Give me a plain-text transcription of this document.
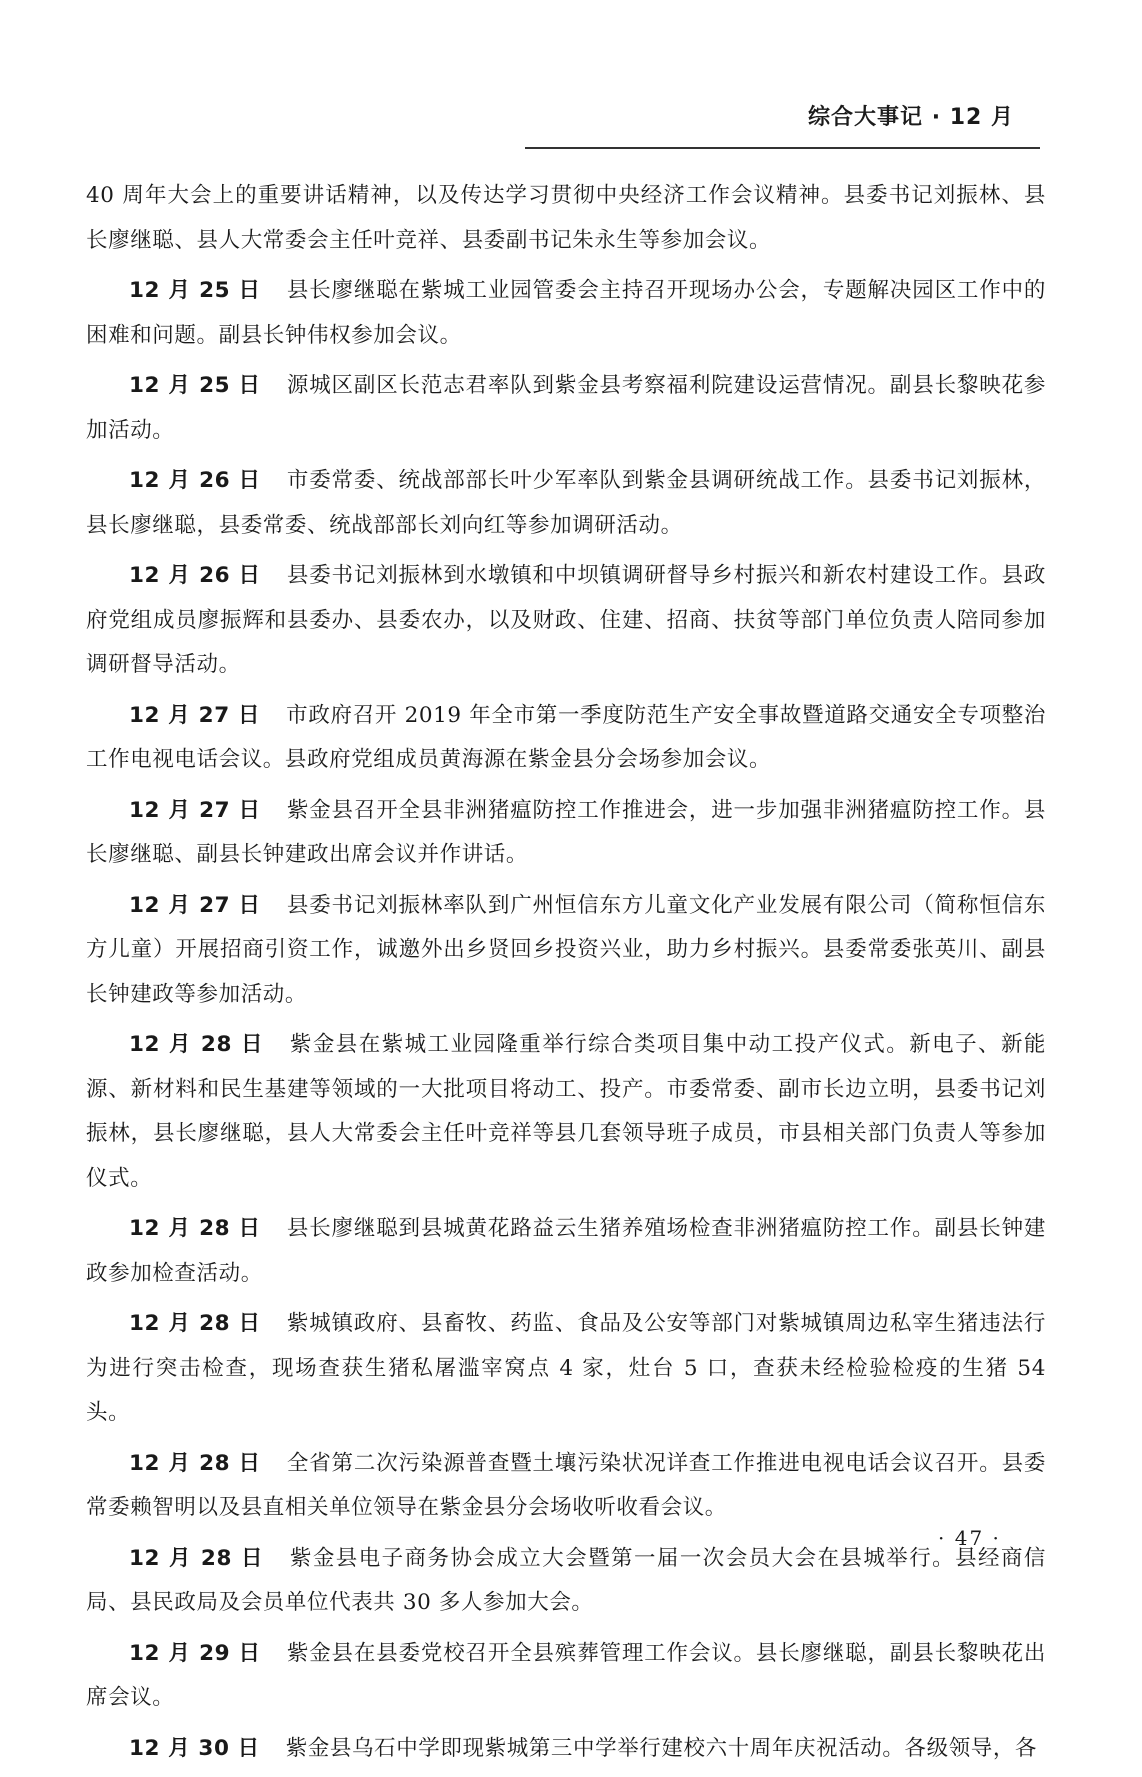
综合大事记 · 12 月

40 周年大会上的重要讲话精神，以及传达学习贯彻中央经济工作会议精神。县委书记刘振林、县长廖继聪、县人大常委会主任叶竞祥、县委副书记朱永生等参加会议。

12 月 25 日 县长廖继聪在紫城工业园管委会主持召开现场办公会，专题解决园区工作中的困难和问题。副县长钟伟权参加会议。

12 月 25 日 源城区副区长范志君率队到紫金县考察福利院建设运营情况。副县长黎映花参加活动。

12 月 26 日 市委常委、统战部部长叶少军率队到紫金县调研统战工作。县委书记刘振林，县长廖继聪，县委常委、统战部部长刘向红等参加调研活动。

12 月 26 日 县委书记刘振林到水墩镇和中坝镇调研督导乡村振兴和新农村建设工作。县政府党组成员廖振辉和县委办、县委农办，以及财政、住建、招商、扶贫等部门单位负责人陪同参加调研督导活动。

12 月 27 日 市政府召开 2019 年全市第一季度防范生产安全事故暨道路交通安全专项整治工作电视电话会议。县政府党组成员黄海源在紫金县分会场参加会议。

12 月 27 日 紫金县召开全县非洲猪瘟防控工作推进会，进一步加强非洲猪瘟防控工作。县长廖继聪、副县长钟建政出席会议并作讲话。

12 月 27 日 县委书记刘振林率队到广州恒信东方儿童文化产业发展有限公司（简称恒信东方儿童）开展招商引资工作，诚邀外出乡贤回乡投资兴业，助力乡村振兴。县委常委张英川、副县长钟建政等参加活动。

12 月 28 日 紫金县在紫城工业园隆重举行综合类项目集中动工投产仪式。新电子、新能源、新材料和民生基建等领域的一大批项目将动工、投产。市委常委、副市长边立明，县委书记刘振林，县长廖继聪，县人大常委会主任叶竞祥等县几套领导班子成员，市县相关部门负责人等参加仪式。

12 月 28 日 县长廖继聪到县城黄花路益云生猪养殖场检查非洲猪瘟防控工作。副县长钟建政参加检查活动。

12 月 28 日 紫城镇政府、县畜牧、药监、食品及公安等部门对紫城镇周边私宰生猪违法行为进行突击检查，现场查获生猪私屠滥宰窝点 4 家，灶台 5 口，查获未经检验检疫的生猪 54 头。

12 月 28 日 全省第二次污染源普查暨土壤污染状况详查工作推进电视电话会议召开。县委常委赖智明以及县直相关单位领导在紫金县分会场收听收看会议。

12 月 28 日 紫金县电子商务协会成立大会暨第一届一次会员大会在县城举行。县经商信局、县民政局及会员单位代表共 30 多人参加大会。

12 月 29 日 紫金县在县委党校召开全县殡葬管理工作会议。县长廖继聪，副县长黎映花出席会议。

12 月 30 日 紫金县乌石中学即现紫城第三中学举行建校六十周年庆祝活动。各级领导，各

· 47 ·
